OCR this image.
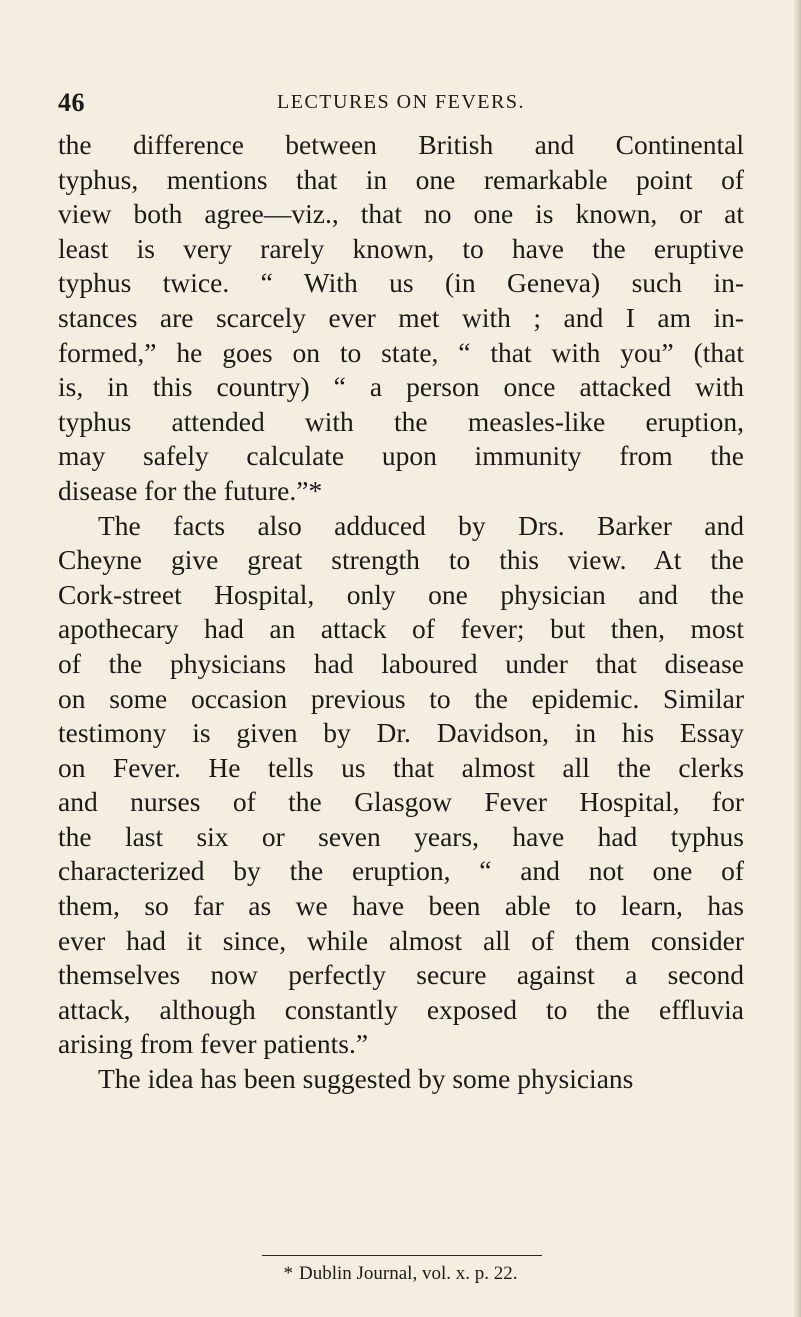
46	LECTURES ON FEVERS.
the difference between British and Continental
typhus, mentions that in one remarkable point of
view both agree—viz., that no one is known, or at
least is very rarely known, to have the eruptive
typhus twice. “ With us (in Geneva) such in-
stances are scarcely ever met with ; and I am in-
formed,” he goes on to state, “ that with you” (that
is, in this country) “ a person once attacked with
typhus attended with the measles-like eruption,
may safely calculate upon immunity from the
disease for the future.”*
The facts also adduced by Drs. Barker and
Cheyne give great strength to this view. At the
Cork-street Hospital, only one physician and the
apothecary had an attack of fever; but then, most
of the physicians had laboured under that disease
on some occasion previous to the epidemic. Similar
testimony is given by Dr. Davidson, in his Essay
on Fever. He tells us that almost all the clerks
and nurses of the Glasgow Fever Hospital, for
the last six or seven years, have had typhus
characterized by the eruption, “ and not one of
them, so far as we have been able to learn, has
ever had it since, while almost all of them consider
themselves now perfectly secure against a second
attack, although constantly exposed to the effluvia
arising from fever patients.”
The idea has been suggested by some physicians
* Dublin Journal, vol. x. p. 22.
